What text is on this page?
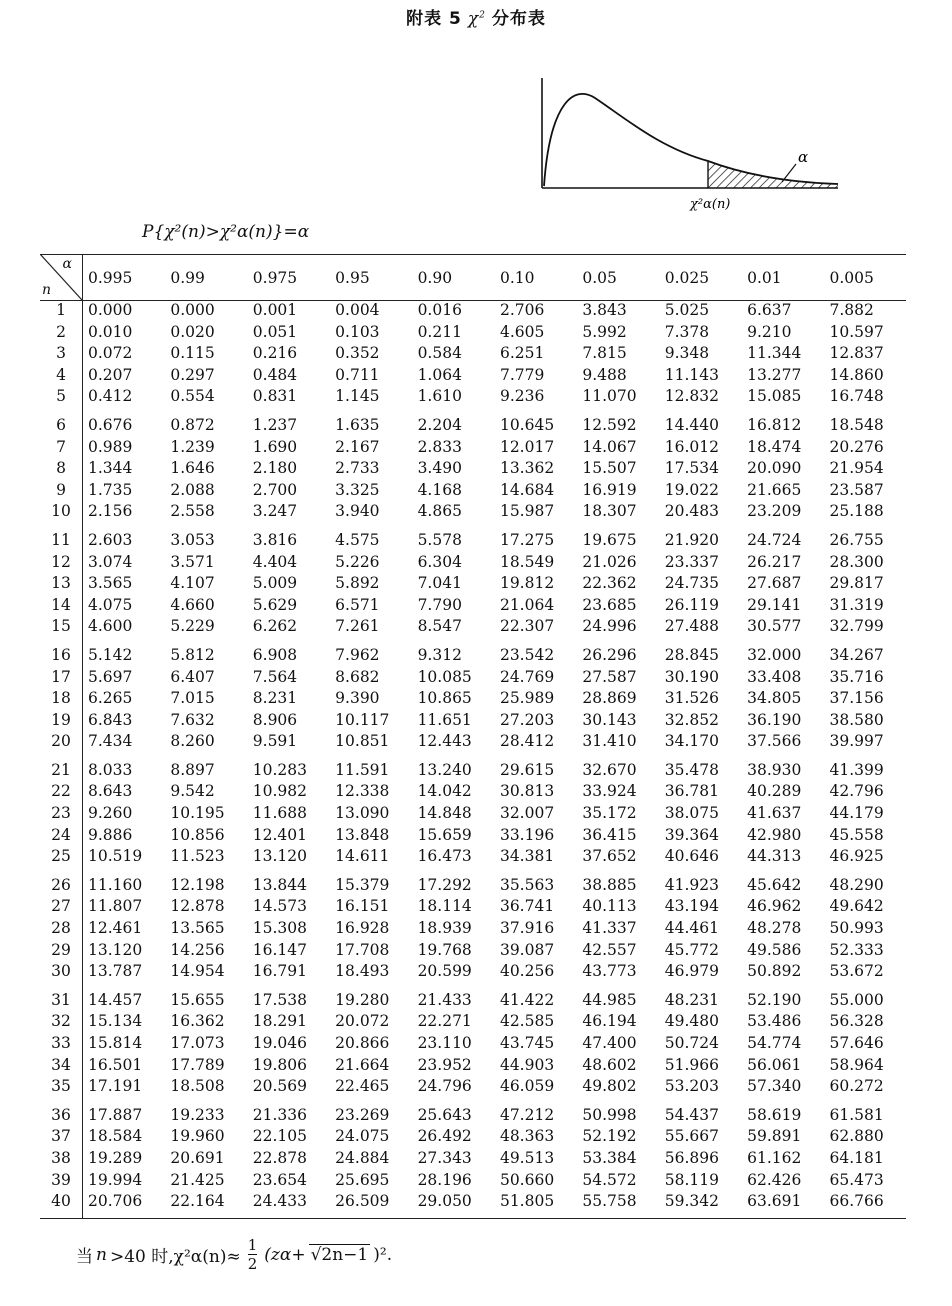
附表 5 $\chi^2$ 分布表
α
χ²α(n)
P{χ²(n)>χ²α(n)}=α
α
n
	0.995	0.99	0.975	0.95	0.90	0.10	0.05	0.025	0.01	0.005
1	0.000	0.000	0.001	0.004	0.016	2.706	3.843	5.025	6.637	7.882
2	0.010	0.020	0.051	0.103	0.211	4.605	5.992	7.378	9.210	10.597
3	0.072	0.115	0.216	0.352	0.584	6.251	7.815	9.348	11.344	12.837
4	0.207	0.297	0.484	0.711	1.064	7.779	9.488	11.143	13.277	14.860
5	0.412	0.554	0.831	1.145	1.610	9.236	11.070	12.832	15.085	16.748
6	0.676	0.872	1.237	1.635	2.204	10.645	12.592	14.440	16.812	18.548
7	0.989	1.239	1.690	2.167	2.833	12.017	14.067	16.012	18.474	20.276
8	1.344	1.646	2.180	2.733	3.490	13.362	15.507	17.534	20.090	21.954
9	1.735	2.088	2.700	3.325	4.168	14.684	16.919	19.022	21.665	23.587
10	2.156	2.558	3.247	3.940	4.865	15.987	18.307	20.483	23.209	25.188
11	2.603	3.053	3.816	4.575	5.578	17.275	19.675	21.920	24.724	26.755
12	3.074	3.571	4.404	5.226	6.304	18.549	21.026	23.337	26.217	28.300
13	3.565	4.107	5.009	5.892	7.041	19.812	22.362	24.735	27.687	29.817
14	4.075	4.660	5.629	6.571	7.790	21.064	23.685	26.119	29.141	31.319
15	4.600	5.229	6.262	7.261	8.547	22.307	24.996	27.488	30.577	32.799
16	5.142	5.812	6.908	7.962	9.312	23.542	26.296	28.845	32.000	34.267
17	5.697	6.407	7.564	8.682	10.085	24.769	27.587	30.190	33.408	35.716
18	6.265	7.015	8.231	9.390	10.865	25.989	28.869	31.526	34.805	37.156
19	6.843	7.632	8.906	10.117	11.651	27.203	30.143	32.852	36.190	38.580
20	7.434	8.260	9.591	10.851	12.443	28.412	31.410	34.170	37.566	39.997
21	8.033	8.897	10.283	11.591	13.240	29.615	32.670	35.478	38.930	41.399
22	8.643	9.542	10.982	12.338	14.042	30.813	33.924	36.781	40.289	42.796
23	9.260	10.195	11.688	13.090	14.848	32.007	35.172	38.075	41.637	44.179
24	9.886	10.856	12.401	13.848	15.659	33.196	36.415	39.364	42.980	45.558
25	10.519	11.523	13.120	14.611	16.473	34.381	37.652	40.646	44.313	46.925
26	11.160	12.198	13.844	15.379	17.292	35.563	38.885	41.923	45.642	48.290
27	11.807	12.878	14.573	16.151	18.114	36.741	40.113	43.194	46.962	49.642
28	12.461	13.565	15.308	16.928	18.939	37.916	41.337	44.461	48.278	50.993
29	13.120	14.256	16.147	17.708	19.768	39.087	42.557	45.772	49.586	52.333
30	13.787	14.954	16.791	18.493	20.599	40.256	43.773	46.979	50.892	53.672
31	14.457	15.655	17.538	19.280	21.433	41.422	44.985	48.231	52.190	55.000
32	15.134	16.362	18.291	20.072	22.271	42.585	46.194	49.480	53.486	56.328
33	15.814	17.073	19.046	20.866	23.110	43.745	47.400	50.724	54.774	57.646
34	16.501	17.789	19.806	21.664	23.952	44.903	48.602	51.966	56.061	58.964
35	17.191	18.508	20.569	22.465	24.796	46.059	49.802	53.203	57.340	60.272
36	17.887	19.233	21.336	23.269	25.643	47.212	50.998	54.437	58.619	61.581
37	18.584	19.960	22.105	24.075	26.492	48.363	52.192	55.667	59.891	62.880
38	19.289	20.691	22.878	24.884	27.343	49.513	53.384	56.896	61.162	64.181
39	19.994	21.425	23.654	25.695	28.196	50.660	54.572	58.119	62.426	65.473
40	20.706	22.164	24.433	26.509	29.050	51.805	55.758	59.342	63.691	66.766
当 n >40 时$,\chi^2\alpha(n)\approx \frac{1}{2} (z\alpha+ √2n-1$ )².
